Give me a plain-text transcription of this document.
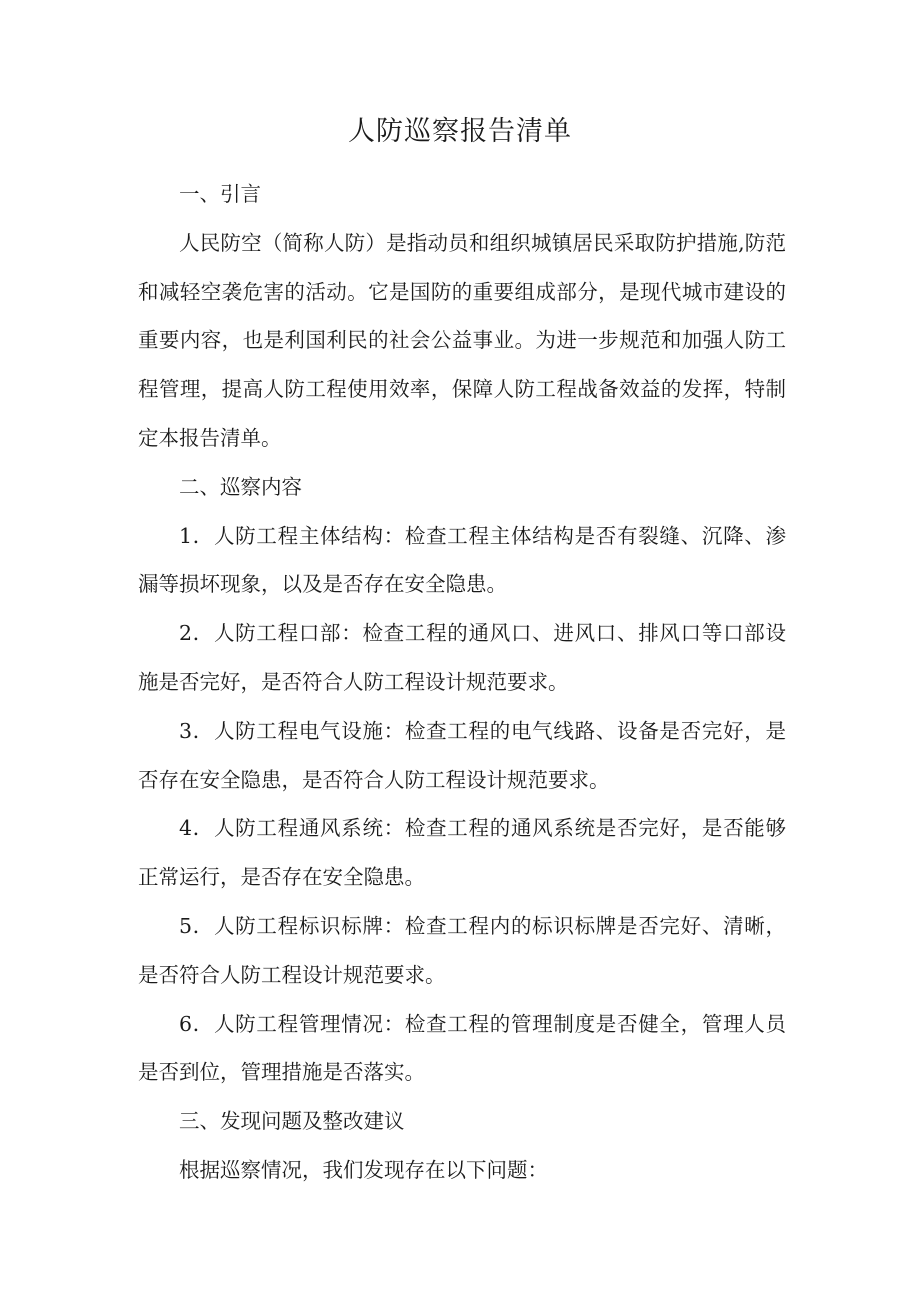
人防巡察报告清单

一、引言

人民防空（简称人防）是指动员和组织城镇居民采取防护措施,防范和减轻空袭危害的活动。它是国防的重要组成部分，是现代城市建设的重要内容，也是利国利民的社会公益事业。为进一步规范和加强人防工程管理，提高人防工程使用效率，保障人防工程战备效益的发挥，特制定本报告清单。

二、巡察内容

1．人防工程主体结构：检查工程主体结构是否有裂缝、沉降、渗漏等损坏现象，以及是否存在安全隐患。

2．人防工程口部：检查工程的通风口、进风口、排风口等口部设施是否完好，是否符合人防工程设计规范要求。

3．人防工程电气设施：检查工程的电气线路、设备是否完好，是否存在安全隐患，是否符合人防工程设计规范要求。

4．人防工程通风系统：检查工程的通风系统是否完好，是否能够正常运行，是否存在安全隐患。

5．人防工程标识标牌：检查工程内的标识标牌是否完好、清晰，是否符合人防工程设计规范要求。

6．人防工程管理情况：检查工程的管理制度是否健全，管理人员是否到位，管理措施是否落实。

三、发现问题及整改建议

根据巡察情况，我们发现存在以下问题：
